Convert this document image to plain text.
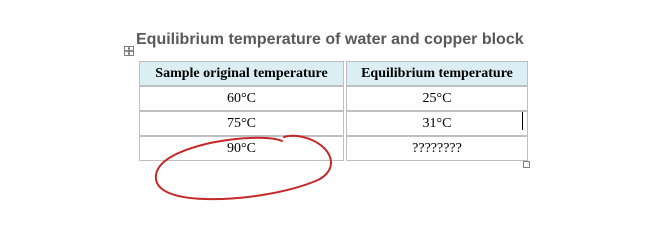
Equilibrium temperature of water and copper block
Sample original temperature	Equilibrium temperature
60°C	25°C
75°C	31°C
90°C	????????
